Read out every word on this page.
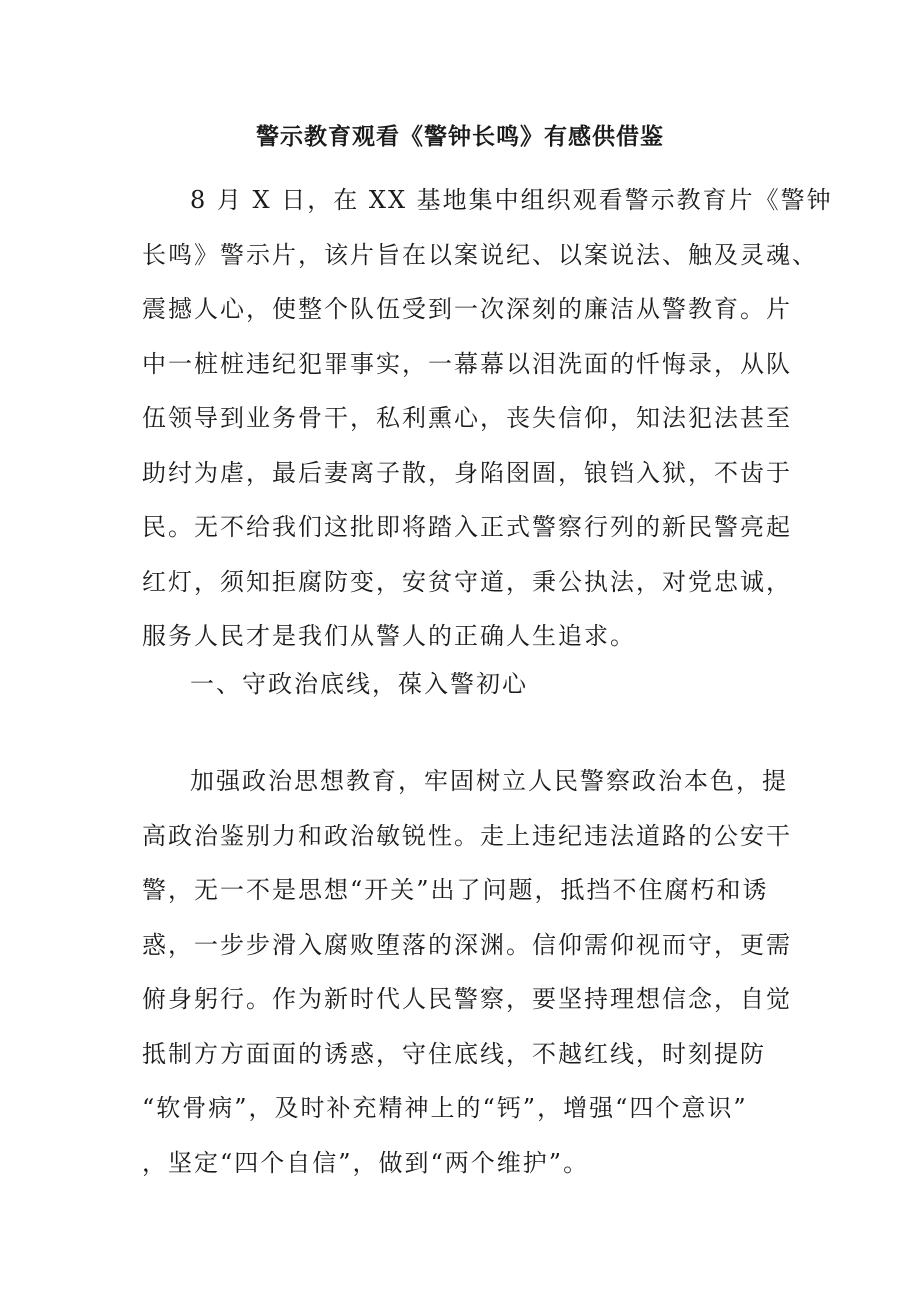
警示教育观看《警钟长鸣》有感供借鉴
8 月 X 日，在 XX 基地集中组织观看警示教育片《警钟
长鸣》警示片，该片旨在以案说纪、以案说法、触及灵魂、
震撼人心，使整个队伍受到一次深刻的廉洁从警教育。片
中一桩桩违纪犯罪事实，一幕幕以泪洗面的忏悔录，从队
伍领导到业务骨干，私利熏心，丧失信仰，知法犯法甚至
助纣为虐，最后妻离子散，身陷囹圄，锒铛入狱，不齿于
民。无不给我们这批即将踏入正式警察行列的新民警亮起
红灯，须知拒腐防变，安贫守道，秉公执法，对党忠诚，
服务人民才是我们从警人的正确人生追求。
一、守政治底线，葆入警初心
加强政治思想教育，牢固树立人民警察政治本色，提
高政治鉴别力和政治敏锐性。走上违纪违法道路的公安干
警，无一不是思想“开关”出了问题，抵挡不住腐朽和诱
惑，一步步滑入腐败堕落的深渊。信仰需仰视而守，更需
俯身躬行。作为新时代人民警察，要坚持理想信念，自觉
抵制方方面面的诱惑，守住底线，不越红线，时刻提防
“软骨病”，及时补充精神上的“钙”，增强“四个意识”
，坚定“四个自信”，做到“两个维护”。
